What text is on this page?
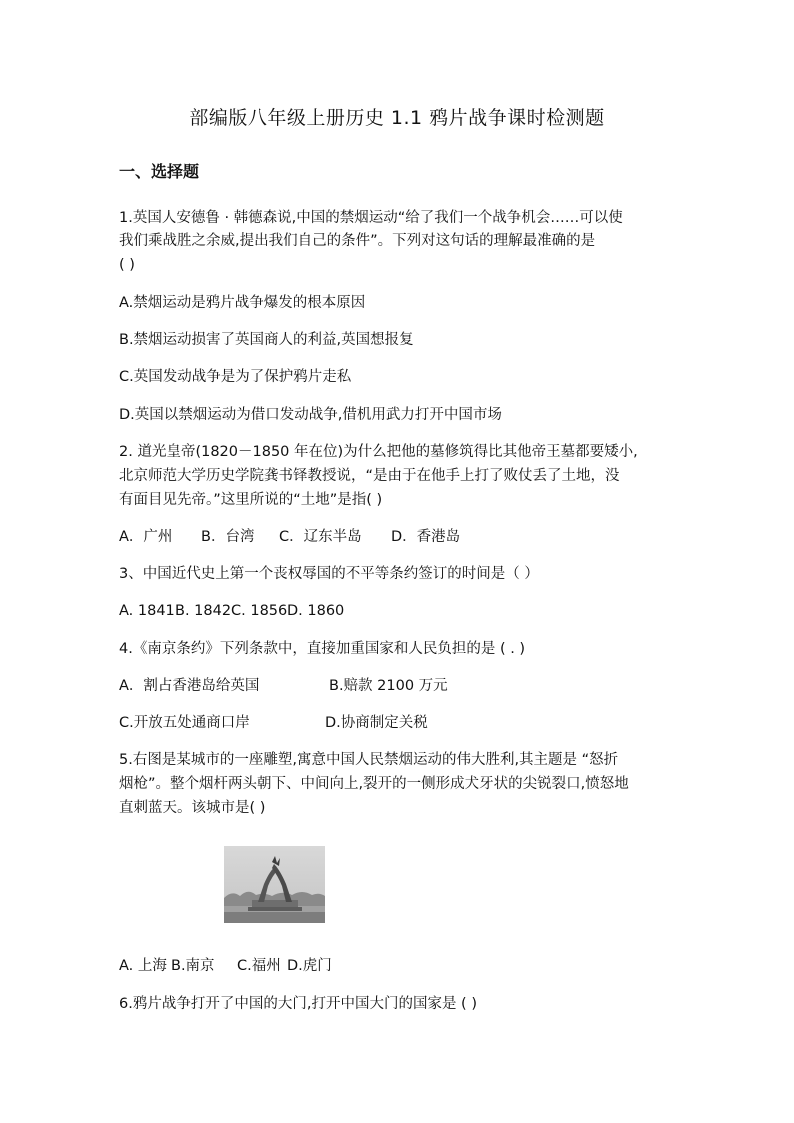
部编版八年级上册历史 1.1 鸦片战争课时检测题
一、选择题
1.英国人安德鲁 · 韩德森说,中国的禁烟运动“给了我们一个战争机会……可以使
我们乘战胜之余威,提出我们自己的条件”。下列对这句话的理解最准确的是
( )
A.禁烟运动是鸦片战争爆发的根本原因
B.禁烟运动损害了英国商人的利益,英国想报复
C.英国发动战争是为了保护鸦片走私
D.英国以禁烟运动为借口发动战争,借机用武力打开中国市场
2. 道光皇帝(1820－1850 年在位)为什么把他的墓修筑得比其他帝王墓都要矮小,
北京师范大学历史学院龚书铎教授说，“是由于在他手上打了败仗丢了土地，没
有面目见先帝。”这里所说的“土地”是指( )
A．广州 B．台湾 C．辽东半岛 D．香港岛
3、中国近代史上第一个丧权辱国的不平等条约签订的时间是（ ）
A. 1841B. 1842C. 1856D. 1860
4.《南京条约》下列条款中，直接加重国家和人民负担的是 ( . )
A．割占香港岛给英国	B.赔款 2100 万元
C.开放五处通商口岸	D.协商制定关税
5.右图是某城市的一座雕塑,寓意中国人民禁烟运动的伟大胜利,其主题是 “怒折
烟枪”。整个烟杆两头朝下、中间向上,裂开的一侧形成犬牙状的尖锐裂口,愤怒地
直刺蓝天。该城市是( )
A. 上海 B.南京 C.福州 D.虎门
6.鸦片战争打开了中国的大门,打开中国大门的国家是 ( )
